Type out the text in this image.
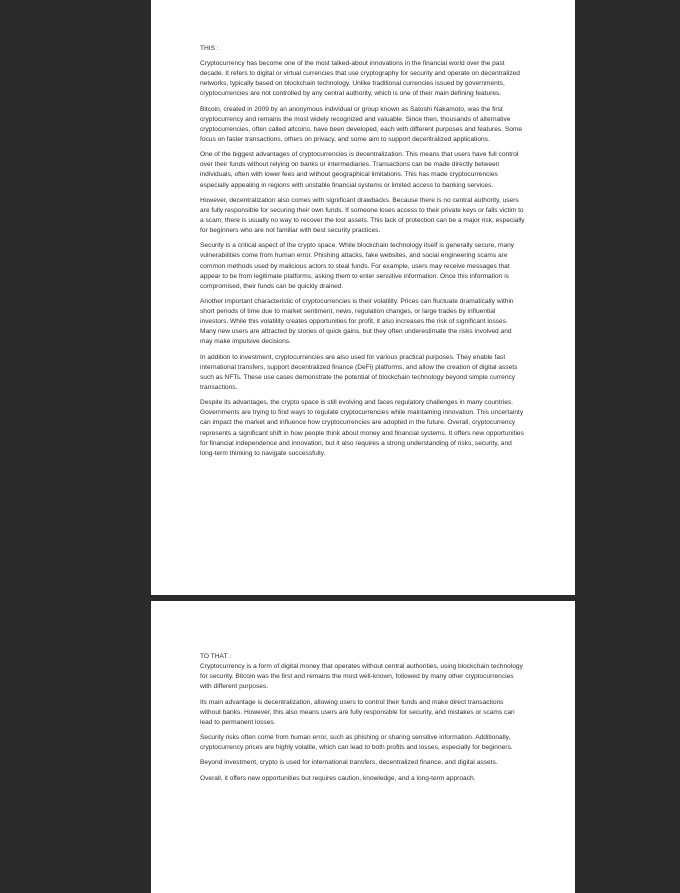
THIS :

Cryptocurrency has become one of the most talked-about innovations in the financial world over the past decade. It refers to digital or virtual currencies that use cryptography for security and operate on decentralized networks, typically based on blockchain technology. Unlike traditional currencies issued by governments, cryptocurrencies are not controlled by any central authority, which is one of their main defining features.

Bitcoin, created in 2009 by an anonymous individual or group known as Satoshi Nakamoto, was the first cryptocurrency and remains the most widely recognized and valuable. Since then, thousands of alternative cryptocurrencies, often called altcoins, have been developed, each with different purposes and features. Some focus on faster transactions, others on privacy, and some aim to support decentralized applications.

One of the biggest advantages of cryptocurrencies is decentralization. This means that users have full control over their funds without relying on banks or intermediaries. Transactions can be made directly between individuals, often with lower fees and without geographical limitations. This has made cryptocurrencies especially appealing in regions with unstable financial systems or limited access to banking services.

However, decentralization also comes with significant drawbacks. Because there is no central authority, users are fully responsible for securing their own funds. If someone loses access to their private keys or falls victim to a scam, there is usually no way to recover the lost assets. This lack of protection can be a major risk, especially for beginners who are not familiar with best security practices.

Security is a critical aspect of the crypto space. While blockchain technology itself is generally secure, many vulnerabilities come from human error. Phishing attacks, fake websites, and social engineering scams are common methods used by malicious actors to steal funds. For example, users may receive messages that appear to be from legitimate platforms, asking them to enter sensitive information. Once this information is compromised, their funds can be quickly drained.

Another important characteristic of cryptocurrencies is their volatility. Prices can fluctuate dramatically within short periods of time due to market sentiment, news, regulation changes, or large trades by influential investors. While this volatility creates opportunities for profit, it also increases the risk of significant losses. Many new users are attracted by stories of quick gains, but they often underestimate the risks involved and may make impulsive decisions.

In addition to investment, cryptocurrencies are also used for various practical purposes. They enable fast international transfers, support decentralized finance (DeFi) platforms, and allow the creation of digital assets such as NFTs. These use cases demonstrate the potential of blockchain technology beyond simple currency transactions.

Despite its advantages, the crypto space is still evolving and faces regulatory challenges in many countries. Governments are trying to find ways to regulate cryptocurrencies while maintaining innovation. This uncertainty can impact the market and influence how cryptocurrencies are adopted in the future. Overall, cryptocurrency represents a significant shift in how people think about money and financial systems. It offers new opportunities for financial independence and innovation, but it also requires a strong understanding of risks, security, and long-term thinking to navigate successfully.

TO THAT :

Cryptocurrency is a form of digital money that operates without central authorities, using blockchain technology for security. Bitcoin was the first and remains the most well-known, followed by many other cryptocurrencies with different purposes.

Its main advantage is decentralization, allowing users to control their funds and make direct transactions without banks. However, this also means users are fully responsible for security, and mistakes or scams can lead to permanent losses.

Security risks often come from human error, such as phishing or sharing sensitive information. Additionally, cryptocurrency prices are highly volatile, which can lead to both profits and losses, especially for beginners.

Beyond investment, crypto is used for international transfers, decentralized finance, and digital assets.

Overall, it offers new opportunities but requires caution, knowledge, and a long-term approach.
